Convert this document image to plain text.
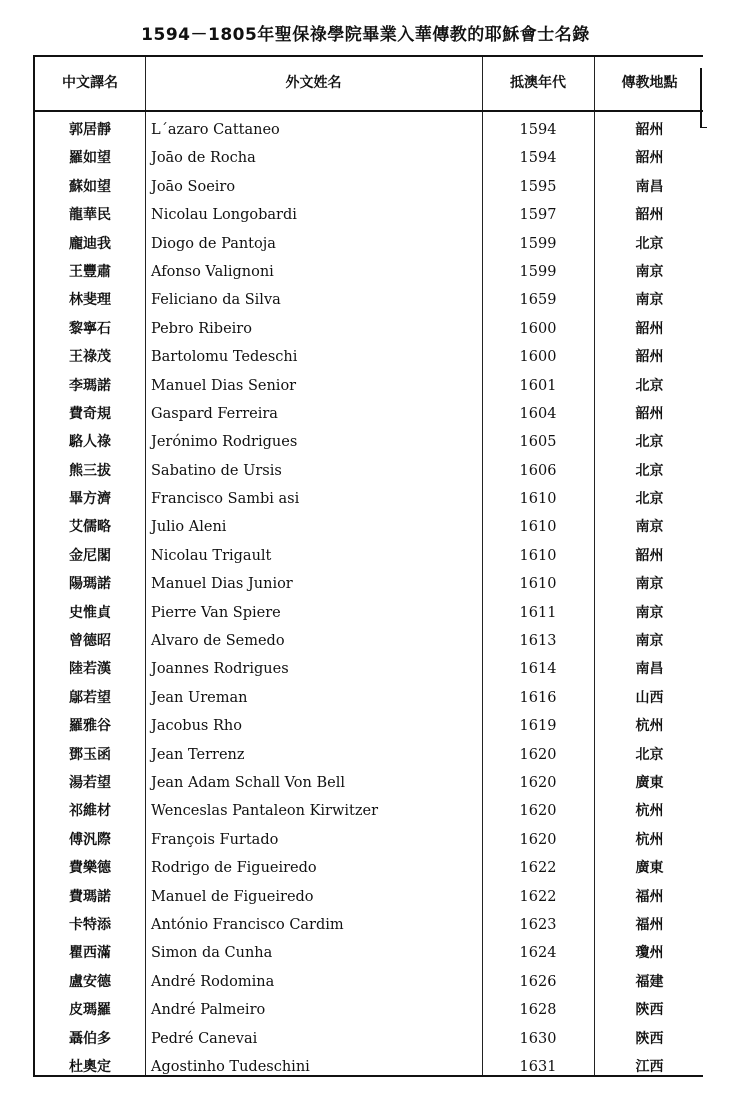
1594－1805年聖保祿學院畢業入華傳教的耶穌會士名錄
中文譯名	外文姓名	抵澳年代	傳教地點
郭居靜	L´azaro Cattaneo	1594	韶州
羅如望	Joāo de Rocha	1594	韶州
蘇如望	Joāo Soeiro	1595	南昌
龍華民	Nicolau Longobardi	1597	韶州
龐迪我	Diogo de Pantoja	1599	北京
王豐肅	Afonso Valignoni	1599	南京
林斐理	Feliciano da Silva	1659	南京
黎寧石	Pebro Ribeiro	1600	韶州
王祿茂	Bartolomu Tedeschi	1600	韶州
李瑪諾	Manuel Dias Senior	1601	北京
費奇規	Gaspard Ferreira	1604	韶州
駱人祿	Jerónimo Rodrigues	1605	北京
熊三拔	Sabatino de Ursis	1606	北京
畢方濟	Francisco Sambi asi	1610	北京
艾儒略	Julio Aleni	1610	南京
金尼閣	Nicolau Trigault	1610	韶州
陽瑪諾	Manuel Dias Junior	1610	南京
史惟貞	Pierre Van Spiere	1611	南京
曾德昭	Alvaro de Semedo	1613	南京
陸若漢	Joannes Rodrigues	1614	南昌
鄔若望	Jean Ureman	1616	山西
羅雅谷	Jacobus Rho	1619	杭州
鄧玉函	Jean Terrenz	1620	北京
湯若望	Jean Adam Schall Von Bell	1620	廣東
祁維材	Wenceslas Pantaleon Kirwitzer	1620	杭州
傅汎際	François Furtado	1620	杭州
費樂德	Rodrigo de Figueiredo	1622	廣東
費瑪諾	Manuel de Figueiredo	1622	福州
卡特添	António Francisco Cardim	1623	福州
瞿西滿	Simon da Cunha	1624	瓊州
盧安德	André Rodomina	1626	福建
皮瑪羅	André Palmeiro	1628	陝西
聶伯多	Pedré Canevai	1630	陝西
杜奧定	Agostinho Tudeschini	1631	江西
